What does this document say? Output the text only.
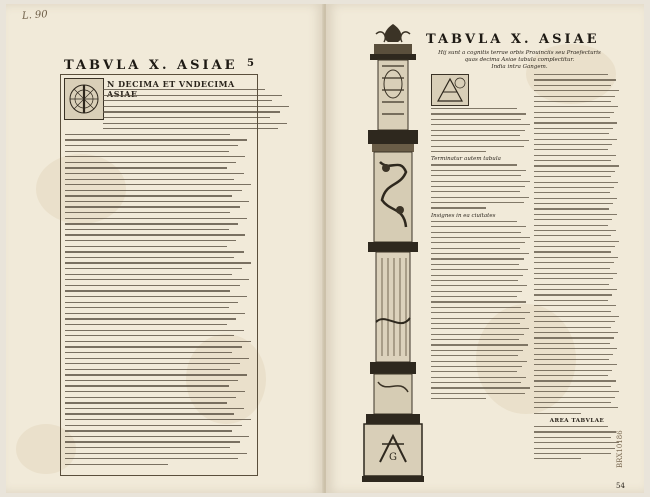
L. 90
TABVLA X. ASIAE 5
N DECIMA ET VNDECIMA
G
TABVLA X. ASIAE
Hij sunt a cognitis terrae orbis Prouinciis seu Praefecturis
quas decima Asiae tabula complectitur.
India intra Gangem.
Terminatur autem tabula
Insignes in ea ciuitates
AREA TABVLAE
54
BRX10186
